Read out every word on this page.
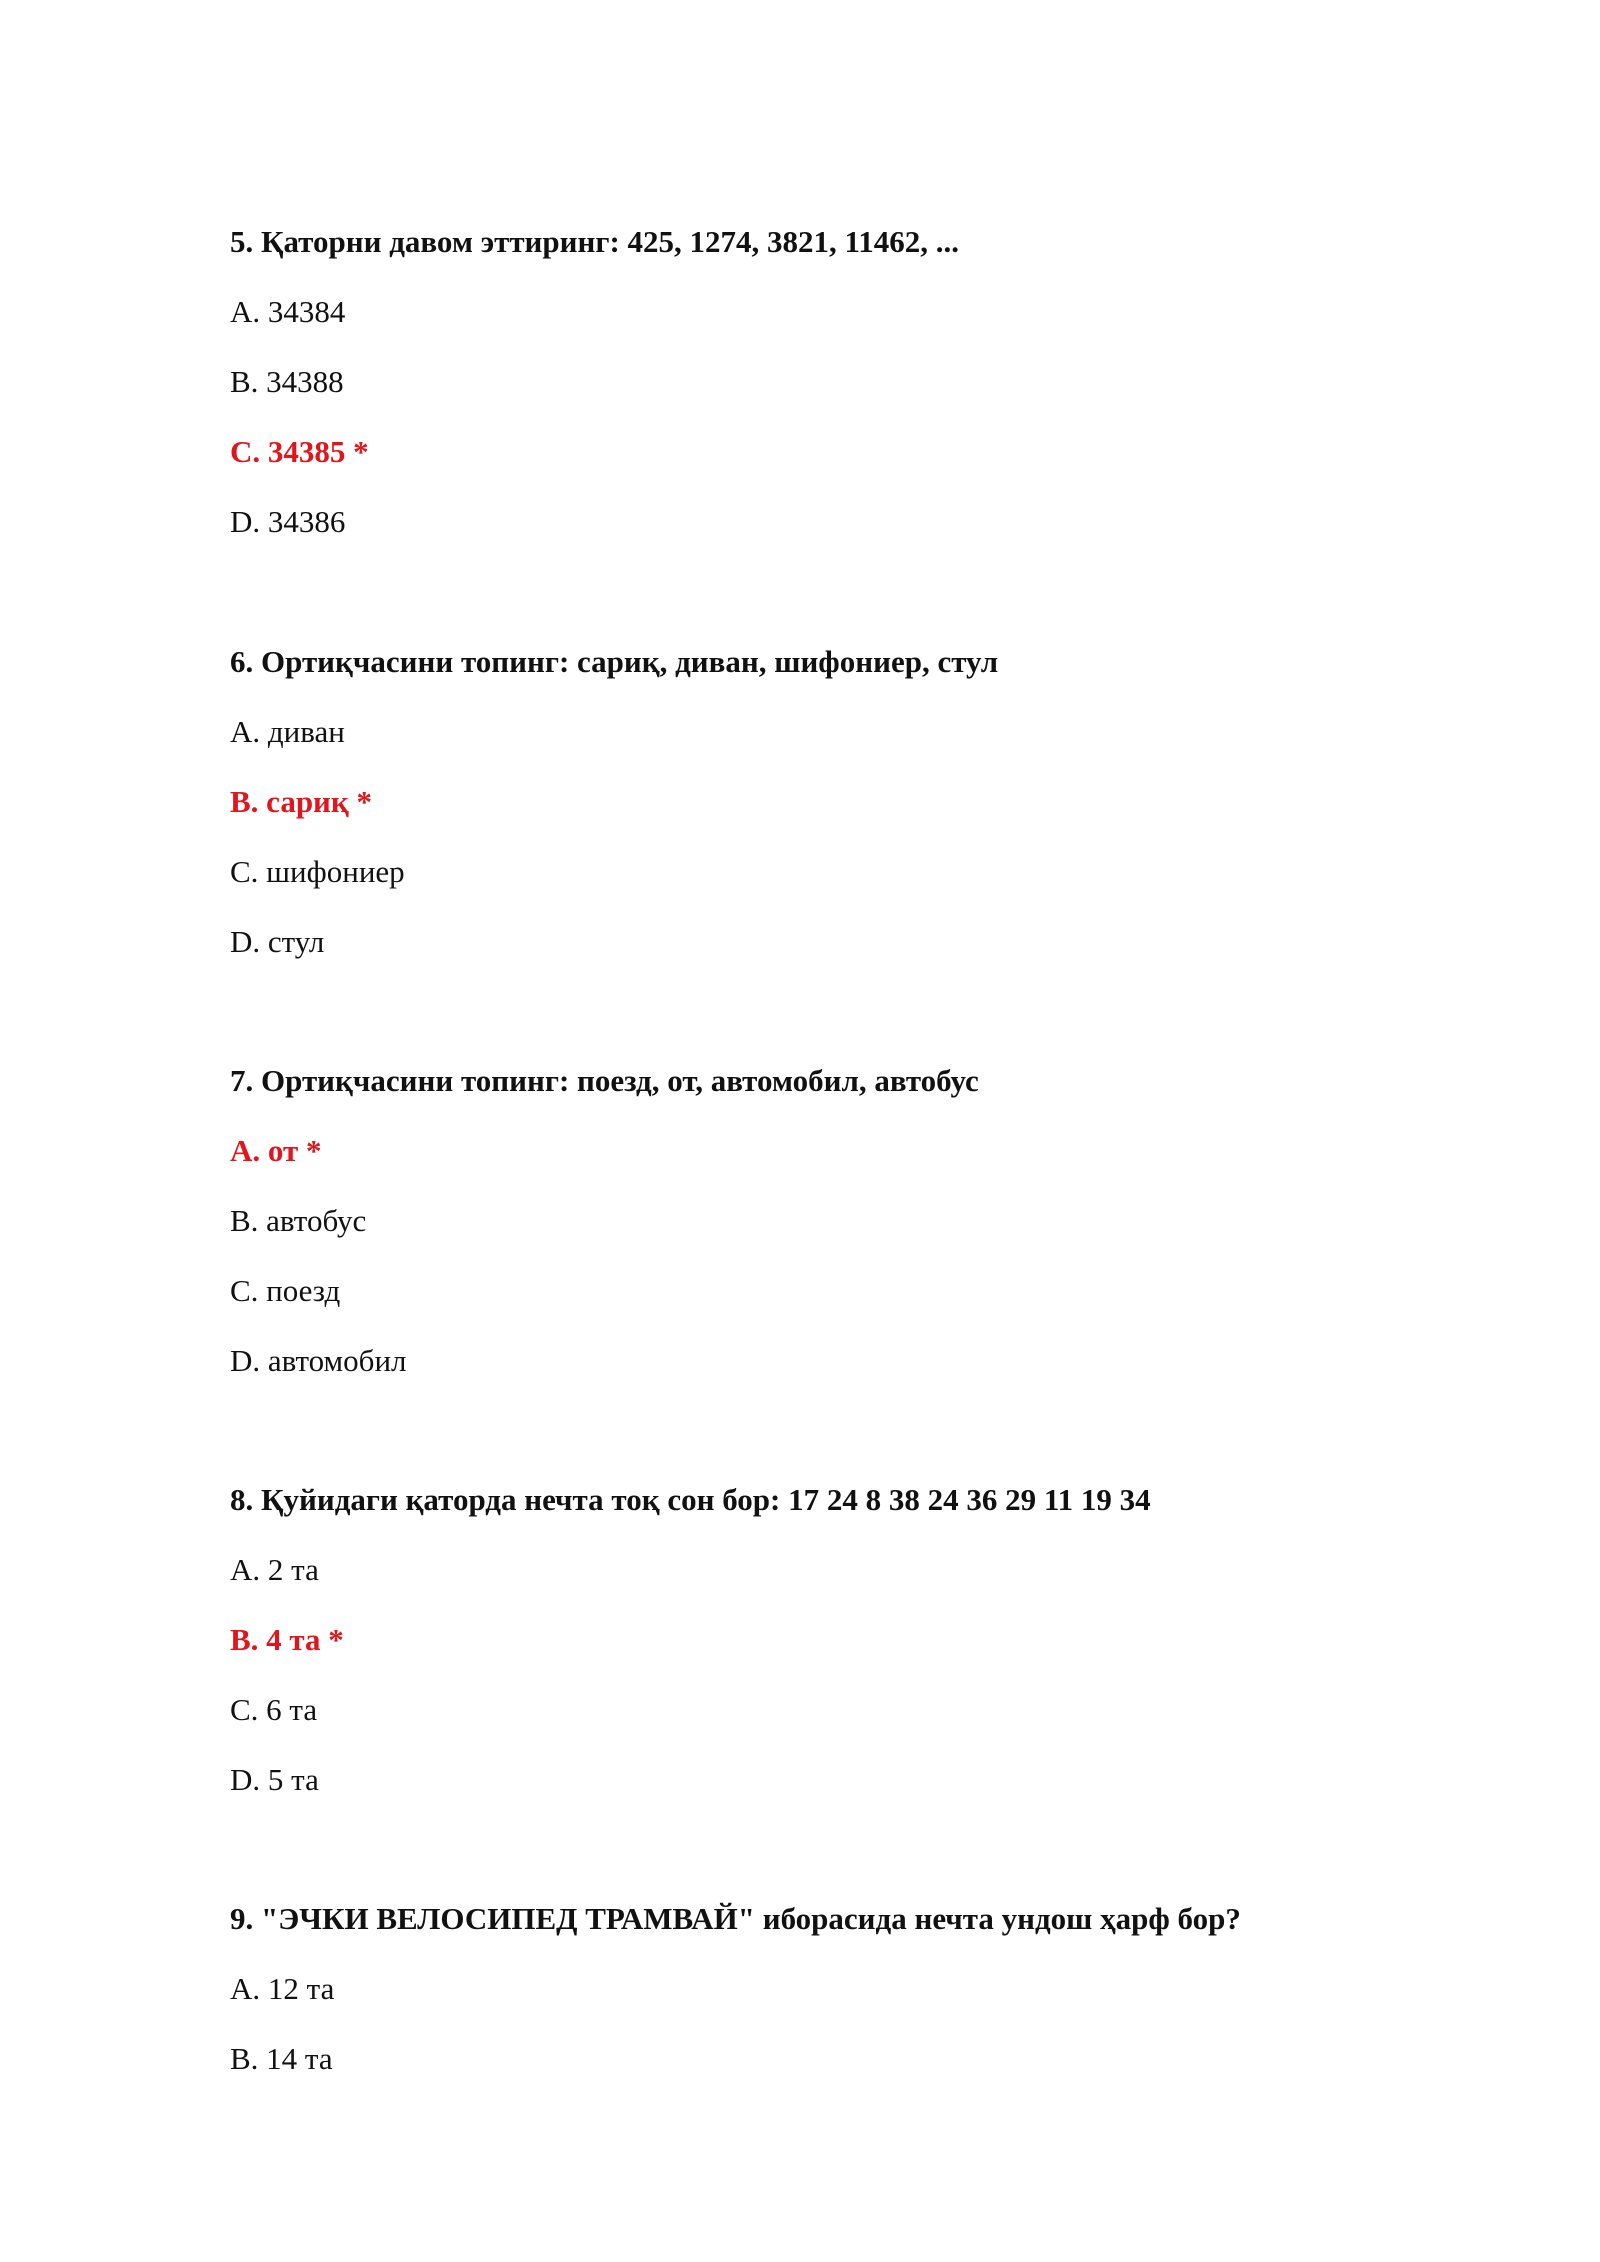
5. Қаторни давом эттиринг: 425, 1274, 3821, 11462, ...
A. 34384
B. 34388
C. 34385 *
D. 34386
6. Ортиқчасини топинг: сариқ, диван, шифониер, стул
A. диван
B. сариқ *
C. шифониер
D. стул
7. Ортиқчасини топинг: поезд, от, автомобил, автобус
A. от *
B. автобус
C. поезд
D. автомобил
8. Қуйидаги қаторда нечта тоқ сон бор: 17 24 8 38 24 36 29 11 19 34
A. 2 та
B. 4 та *
C. 6 та
D. 5 та
9. "ЭЧКИ ВЕЛОСИПЕД ТРАМВАЙ" иборасида нечта ундош ҳарф бор?
A. 12 та
B. 14 та
